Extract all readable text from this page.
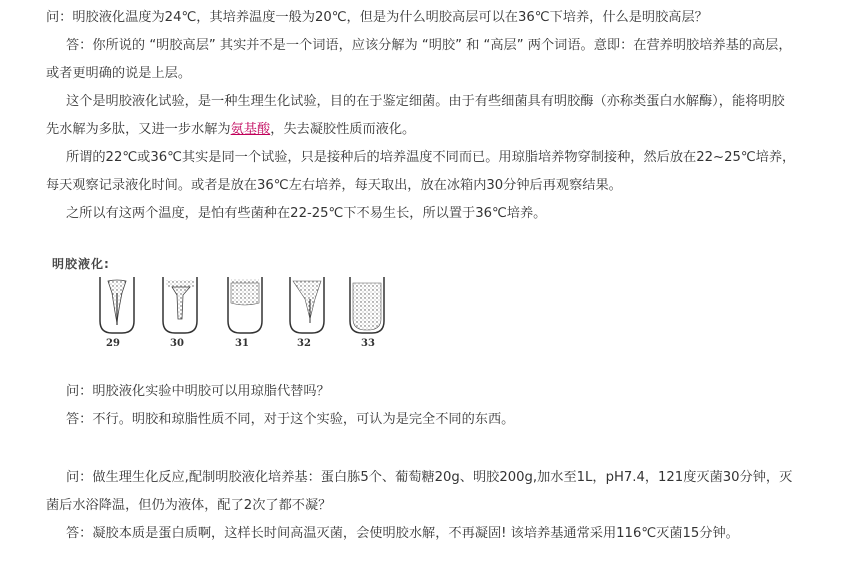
问：明胶液化温度为24℃，其培养温度一般为20℃，但是为什么明胶高层可以在36℃下培养，什么是明胶高层？

答：你所说的 “明胶高层” 其实并不是一个词语，应该分解为 “明胶” 和 “高层” 两个词语。意即：在营养明胶培养基的高层，或者更明确的说是上层。

这个是明胶液化试验，是一种生理生化试验，目的在于鉴定细菌。由于有些细菌具有明胶酶（亦称类蛋白水解酶），能将明胶先水解为多肽，又进一步水解为氨基酸，失去凝胶性质而液化。

所谓的22℃或36℃其实是同一个试验，只是接种后的培养温度不同而已。用琼脂培养物穿制接种，然后放在22~25℃培养，每天观察记录液化时间。或者是放在36℃左右培养，每天取出，放在冰箱内30分钟后再观察结果。

之所以有这两个温度，是怕有些菌种在22-25℃下不易生长，所以置于36℃培养。

明胶液化:
29	30	31	32	33

问：明胶液化实验中明胶可以用琼脂代替吗？

答：不行。明胶和琼脂性质不同，对于这个实验，可认为是完全不同的东西。

问：做生理生化反应,配制明胶液化培养基：蛋白胨5个、葡萄糖20g、明胶200g,加水至1L，pH7.4，121度灭菌30分钟，灭菌后水浴降温，但仍为液体，配了2次了都不凝？

答：凝胶本质是蛋白质啊，这样长时间高温灭菌，会使明胶水解，不再凝固! 该培养基通常采用116℃灭菌15分钟。
